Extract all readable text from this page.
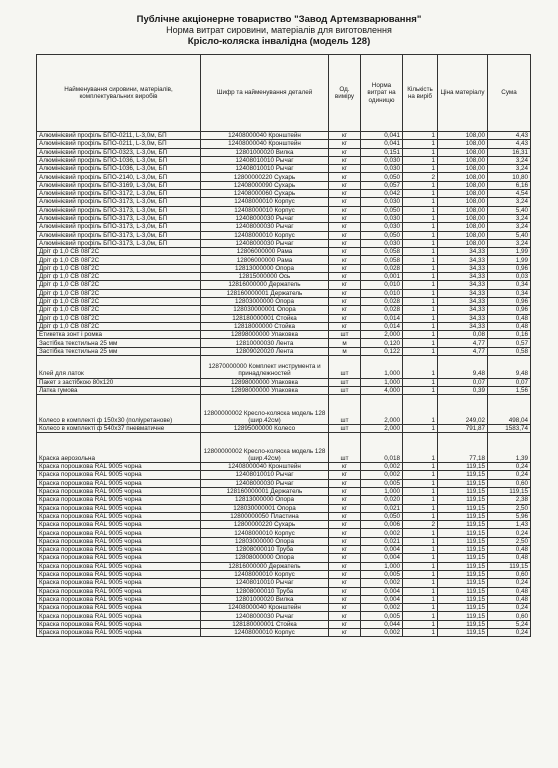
Публічне акціонерне товариство "Завод Артемзварювання"
Норма витрат сировини, матеріалів для виготовлення
Крісло-коляска інвалідна (модель 128)
Найменування сировини, матеріалів, комплектувальних виробів	Шифр та найменування деталей	Од. виміру	Норма витрат на одиницю	Кількість на виріб	Ціна матеріалу	Сума
Алюмінієвий профіль БПО-0211, L-3,0м, БП	12408000040 Кронштейн	кг	0,041	1	108,00	4,43
Алюмінієвий профіль БПО-0211, L-3,0м, БП	12408000040 Кронштейн	кг	0,041	1	108,00	4,43
Алюмінієвий профіль БПО-0323, L-3,0м, БП	12801000020 Вилка	кг	0,151	1	108,00	16,31
Алюмінієвий профіль БПО-1036, L-3,0м, БП	12408010010 Рычаг	кг	0,030	1	108,00	3,24
Алюмінієвий профіль БПО-1036, L-3,0м, БП	12408010010 Рычаг	кг	0,030	1	108,00	3,24
Алюмінієвий профіль БПО-2140, L-3,0м, БП	12800000220 Сухарь	кг	0,050	2	108,00	10,80
Алюмінієвий профіль БПО-3169, L-3,0м, БП	12408000090 Сухарь	кг	0,057	1	108,00	6,16
Алюмінієвий профіль БПО-3172, L-3,0м, БП	12408000060 Сухарь	кг	0,042	1	108,00	4,54
Алюмінієвий профіль БПО-3173, L-3,0м, БП	12408000010 Корпус	кг	0,030	1	108,00	3,24
Алюмінієвий профіль БПО-3173, L-3,0м, БП	12408000010 Корпус	кг	0,050	1	108,00	5,40
Алюмінієвий профіль БПО-3173, L-3,0м, БП	12408000030 Рычаг	кг	0,030	1	108,00	3,24
Алюмінієвий профіль БПО-3173, L-3,0м, БП	12408000030 Рычаг	кг	0,030	1	108,00	3,24
Алюмінієвий профіль БПО-3173, L-3,0м, БП	12408000010 Корпус	кг	0,050	1	108,00	5,40
Алюмінієвий профіль БПО-3173, L-3,0м, БП	12408000030 Рычаг	кг	0,030	1	108,00	3,24
Дріт ф 1,0 СВ 08Г2С	12806000000 Рама	кг	0,058	1	34,33	1,99
Дріт ф 1,0 СВ 08Г2С	12806000000 Рама	кг	0,058	1	34,33	1,99
Дріт ф 1,0 СВ 08Г2С	12813000000 Опора	кг	0,028	1	34,33	0,96
Дріт ф 1,0 СВ 08Г2С	12815000000 Ось	кг	0,001	1	34,33	0,03
Дріт ф 1,0 СВ 08Г2С	12816000000 Держатель	кг	0,010	1	34,33	0,34
Дріт ф 1,0 СВ 08Г2С	128160000001 Держатель	кг	0,010	1	34,33	0,34
Дріт ф 1,0 СВ 08Г2С	12803000000 Опора	кг	0,028	1	34,33	0,96
Дріт ф 1,0 СВ 08Г2С	128030000001 Опора	кг	0,028	1	34,33	0,96
Дріт ф 1,0 СВ 08Г2С	128180000001 Стойка	кг	0,014	1	34,33	0,48
Дріт ф 1,0 СВ 08Г2С	12818000000 Стойка	кг	0,014	1	34,33	0,48
Етикетка зонт і ромка	12898000000 Упаковка	шт	2,000	1	0,08	0,16
Застібка текстильна 25 мм	12810000030 Лента	м	0,120	1	4,77	0,57
Застібка текстильна 25 мм	12809020020 Лента	м	0,122	1	4,77	0,58
Клей для латок	12870000000 Комплект инструмента и принадлежностей	шт	1,000	1	9,48	9,48
Пакет з застібкою 80х120	12898000000 Упаковка	шт	1,000	1	0,07	0,07
Латка гумова	12898000000 Упаковка	шт	4,000	1	0,39	1,56
Колесо в комплекті ф 150х30 (поліуретанове)	12800000002 Кресло-коляска модель 128 (шир.42см)	шт	2,000	1	249,02	498,04
Колесо в комплекті ф 540х37 пневматичне	12895000000 Колесо	шт	2,000	1	791,87	1583,74
Краска аерозольна	12800000002 Кресло-коляска модель 128 (шир.42см)	шт	0,018	1	77,18	1,39
Краска порошкова RAL 9005 чорна	12408000040 Кронштейн	кг	0,002	1	119,15	0,24
Краска порошкова RAL 9005 чорна	12408010010 Рычаг	кг	0,002	1	119,15	0,24
Краска порошкова RAL 9005 чорна	12408000030 Рычаг	кг	0,005	1	119,15	0,60
Краска порошкова RAL 9005 чорна	128160000001 Держатель	кг	1,000	1	119,15	119,15
Краска порошкова RAL 9005 чорна	12813000000 Опора	кг	0,020	1	119,15	2,38
Краска порошкова RAL 9005 чорна	128030000001 Опора	кг	0,021	1	119,15	2,50
Краска порошкова RAL 9005 чорна	12800000050 Пластина	кг	0,050	1	119,15	5,96
Краска порошкова RAL 9005 чорна	12800000220 Сухарь	кг	0,006	2	119,15	1,43
Краска порошкова RAL 9005 чорна	12408000010 Корпус	кг	0,002	1	119,15	0,24
Краска порошкова RAL 9005 чорна	12803000000 Опора	кг	0,021	1	119,15	2,50
Краска порошкова RAL 9005 чорна	12808000010 Труба	кг	0,004	1	119,15	0,48
Краска порошкова RAL 9005 чорна	12808000000 Опора	кг	0,004	1	119,15	0,48
Краска порошкова RAL 9005 чорна	12816000000 Держатель	кг	1,000	1	119,15	119,15
Краска порошкова RAL 9005 чорна	12408000010 Корпус	кг	0,005	1	119,15	0,60
Краска порошкова RAL 9005 чорна	12408010010 Рычаг	кг	0,002	1	119,15	0,24
Краска порошкова RAL 9005 чорна	12808000010 Труба	кг	0,004	1	119,15	0,48
Краска порошкова RAL 9005 чорна	12801000020 Вилка	кг	0,004	1	119,15	0,48
Краска порошкова RAL 9005 чорна	12408000040 Кронштейн	кг	0,002	1	119,15	0,24
Краска порошкова RAL 9005 чорна	12408000030 Рычаг	кг	0,005	1	119,15	0,60
Краска порошкова RAL 9005 чорна	128180000001 Стойка	кг	0,044	1	119,15	5,24
Краска порошкова RAL 9005 чорна	12408000010 Корпус	кг	0,002	1	119,15	0,24
